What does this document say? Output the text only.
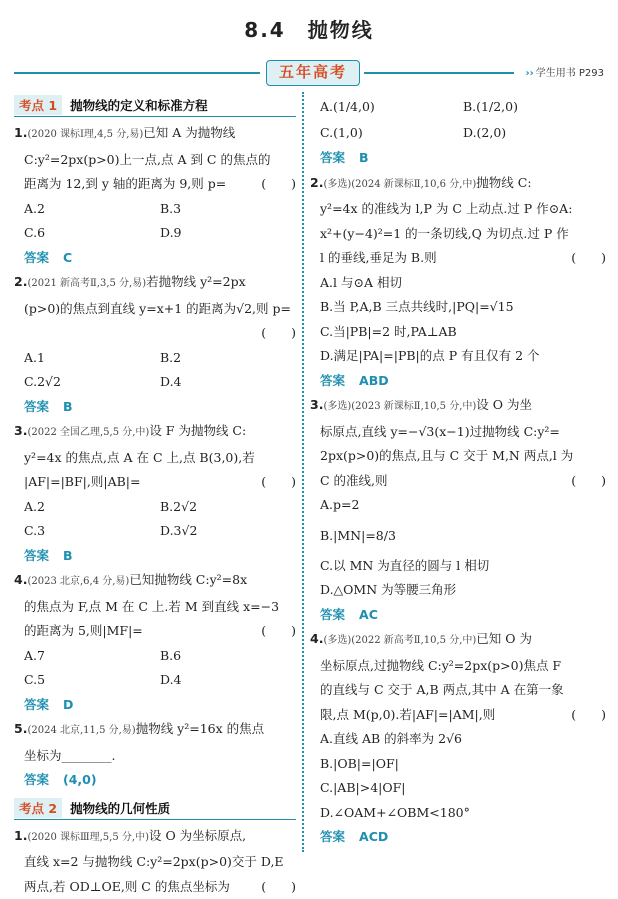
8.4　抛物线
五年高考	›› 学生用书 P293
考点 1	抛物线的定义和标准方程
1.(2020 课标Ⅰ理,4,5 分,易)已知 A 为抛物线
C:y²=2px(p>0)上一点,点 A 到 C 的焦点的
距离为 12,到 y 轴的距离为 9,则 p=	(　　)
A.2	B.3
C.6	D.9
答案 C
2.(2021 新高考Ⅱ,3,5 分,易)若抛物线 y²=2px
(p>0)的焦点到直线 y=x+1 的距离为√2,则 p=
(　　)
A.1	B.2
C.2√2	D.4
答案 B
3.(2022 全国乙理,5,5 分,中)设 F 为抛物线 C:
y²=4x 的焦点,点 A 在 C 上,点 B(3,0),若
|AF|=|BF|,则|AB|=	(　　)
A.2	B.2√2
C.3	D.3√2
答案 B
4.(2023 北京,6,4 分,易)已知抛物线 C:y²=8x
的焦点为 F,点 M 在 C 上.若 M 到直线 x=−3
的距离为 5,则|MF|=	(　　)
A.7	B.6
C.5	D.4
答案 D
5.(2024 北京,11,5 分,易)抛物线 y²=16x 的焦点
坐标为________.
答案 (4,0)
考点 2	抛物线的几何性质
1.(2020 课标Ⅲ理,5,5 分,中)设 O 为坐标原点,
直线 x=2 与抛物线 C:y²=2px(p>0)交于 D,E
两点,若 OD⊥OE,则 C 的焦点坐标为	(　　)
A.(1/4,0)	B.(1/2,0)
C.(1,0)	D.(2,0)
答案 B
2.(多选)(2024 新课标Ⅱ,10,6 分,中)抛物线 C:
y²=4x 的准线为 l,P 为 C 上动点.过 P 作⊙A:
x²+(y−4)²=1 的一条切线,Q 为切点.过 P 作
l 的垂线,垂足为 B.则	(　　)
A.l 与⊙A 相切
B.当 P,A,B 三点共线时,|PQ|=√15
C.当|PB|=2 时,PA⊥AB
D.满足|PA|=|PB|的点 P 有且仅有 2 个
答案 ABD
3.(多选)(2023 新课标Ⅱ,10,5 分,中)设 O 为坐
标原点,直线 y=−√3(x−1)过抛物线 C:y²=
2px(p>0)的焦点,且与 C 交于 M,N 两点,l 为
C 的准线,则	(　　)
A.p=2
B.|MN|=8/3
C.以 MN 为直径的圆与 l 相切
D.△OMN 为等腰三角形
答案 AC
4.(多选)(2022 新高考Ⅱ,10,5 分,中)已知 O 为
坐标原点,过抛物线 C:y²=2px(p>0)焦点 F
的直线与 C 交于 A,B 两点,其中 A 在第一象
限,点 M(p,0).若|AF|=|AM|,则	(　　)
A.直线 AB 的斜率为 2√6
B.|OB|=|OF|
C.|AB|>4|OF|
D.∠OAM+∠OBM<180°
答案 ACD
